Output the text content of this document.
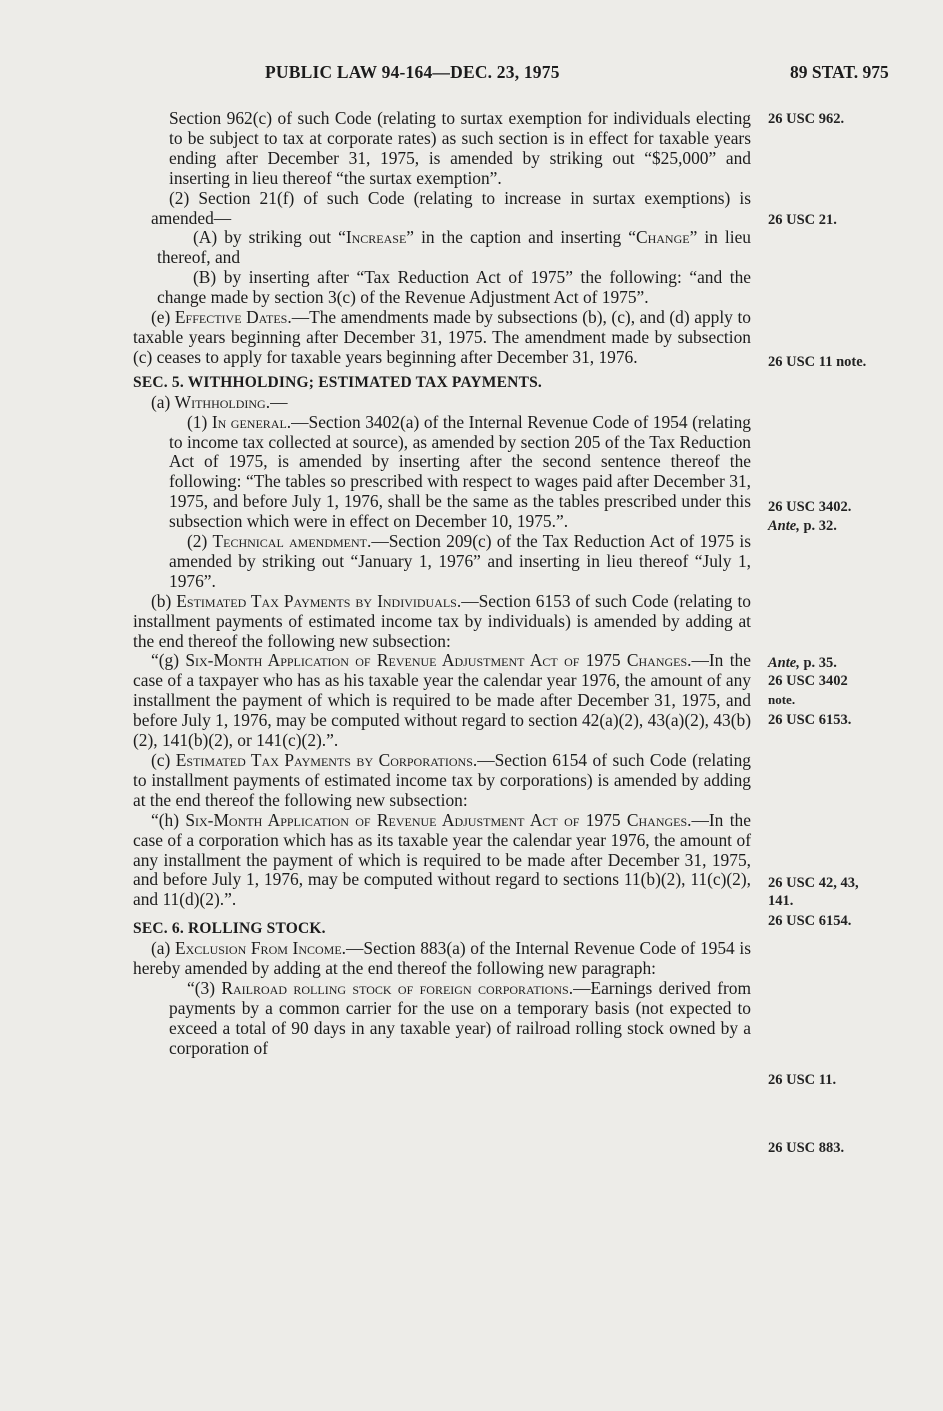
PUBLIC LAW 94-164—DEC. 23, 1975	89 STAT. 975

Section 962(c) of such Code (relating to surtax exemption for individuals electing to be subject to tax at corporate rates) as such section is in effect for taxable years ending after December 31, 1975, is amended by striking out “$25,000” and inserting in lieu thereof “the surtax exemption”.

(2) Section 21(f) of such Code (relating to increase in surtax exemptions) is amended—

(A) by striking out “Increase” in the caption and inserting “Change” in lieu thereof, and

(B) by inserting after “Tax Reduction Act of 1975” the following: “and the change made by section 3(c) of the Revenue Adjustment Act of 1975”.

(e) Effective Dates.—The amendments made by subsections (b), (c), and (d) apply to taxable years beginning after December 31, 1975. The amendment made by subsection (c) ceases to apply for taxable years beginning after December 31, 1976.

SEC. 5. WITHHOLDING; ESTIMATED TAX PAYMENTS.

(a) Withholding.—

(1) In general.—Section 3402(a) of the Internal Revenue Code of 1954 (relating to income tax collected at source), as amended by section 205 of the Tax Reduction Act of 1975, is amended by inserting after the second sentence thereof the following: “The tables so prescribed with respect to wages paid after December 31, 1975, and before July 1, 1976, shall be the same as the tables prescribed under this subsection which were in effect on December 10, 1975.”.

(2) Technical amendment.—Section 209(c) of the Tax Reduction Act of 1975 is amended by striking out “January 1, 1976” and inserting in lieu thereof “July 1, 1976”.

(b) Estimated Tax Payments by Individuals.—Section 6153 of such Code (relating to installment payments of estimated income tax by individuals) is amended by adding at the end thereof the following new subsection:

“(g) Six-Month Application of Revenue Adjustment Act of 1975 Changes.—In the case of a taxpayer who has as his taxable year the calendar year 1976, the amount of any installment the payment of which is required to be made after December 31, 1975, and before July 1, 1976, may be computed without regard to section 42(a)(2), 43(a)(2), 43(b)(2), 141(b)(2), or 141(c)(2).”.

(c) Estimated Tax Payments by Corporations.—Section 6154 of such Code (relating to installment payments of estimated income tax by corporations) is amended by adding at the end thereof the following new subsection:

“(h) Six-Month Application of Revenue Adjustment Act of 1975 Changes.—In the case of a corporation which has as its taxable year the calendar year 1976, the amount of any installment the payment of which is required to be made after December 31, 1975, and before July 1, 1976, may be computed without regard to sections 11(b)(2), 11(c)(2), and 11(d)(2).”.

SEC. 6. ROLLING STOCK.

(a) Exclusion From Income.—Section 883(a) of the Internal Revenue Code of 1954 is hereby amended by adding at the end thereof the following new paragraph:

“(3) Railroad rolling stock of foreign corporations.—Earnings derived from payments by a common carrier for the use on a temporary basis (not expected to exceed a total of 90 days in any taxable year) of railroad rolling stock owned by a corporation of

26 USC 962.
26 USC 21.
26 USC 11 note.
26 USC 3402.
Ante, p. 32.
Ante, p. 35.
26 USC 3402
note.
26 USC 6153.
26 USC 42, 43,
141.
26 USC 6154.
26 USC 11.
26 USC 883.
